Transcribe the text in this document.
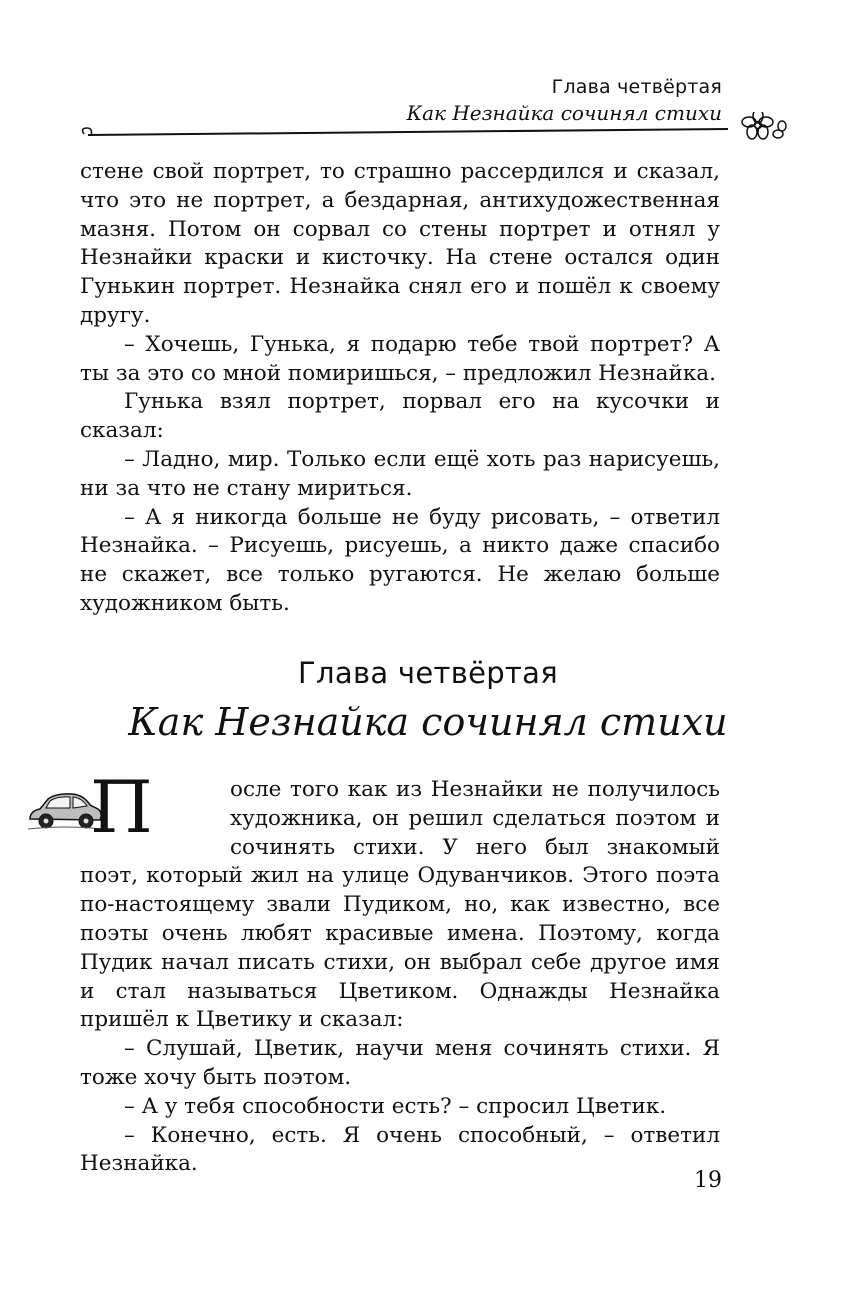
Глава четвёртая
Как Незнайка сочинял стихи

стене свой портрет, то страшно рассердился и сказал, что это не портрет, а бездарная, антихудожественная мазня. Потом он сорвал со стены портрет и отнял у Незнайки краски и кисточку. На стене остался один Гунькин портрет. Незнайка снял его и пошёл к своему другу.

– Хочешь, Гунька, я подарю тебе твой портрет? А ты за это со мной помиришься, – предложил Незнайка.

Гунька взял портрет, порвал его на кусочки и сказал:

– Ладно, мир. Только если ещё хоть раз нарисуешь, ни за что не стану мириться.

– А я никогда больше не буду рисовать, – ответил Незнайка. – Рисуешь, рисуешь, а никто даже спасибо не скажет, все только ругаются. Не желаю больше художником быть.

Глава четвёртая
Как Незнайка сочинял стихи

П	осле того как из Незнайки не получилось художника, он решил сделаться поэтом и сочинять стихи. У него был знакомый поэт, который жил на улице Одуванчиков. Этого поэта по-настоящему звали Пудиком, но, как известно, все поэты очень любят красивые имена. Поэтому, когда Пудик начал писать стихи, он выбрал себе другое имя и стал называться Цветиком. Однажды Незнайка пришёл к Цветику и сказал:

– Слушай, Цветик, научи меня сочинять стихи. Я тоже хочу быть поэтом.

– А у тебя способности есть? – спросил Цветик.

– Конечно, есть. Я очень способный, – ответил Незнайка.

19
